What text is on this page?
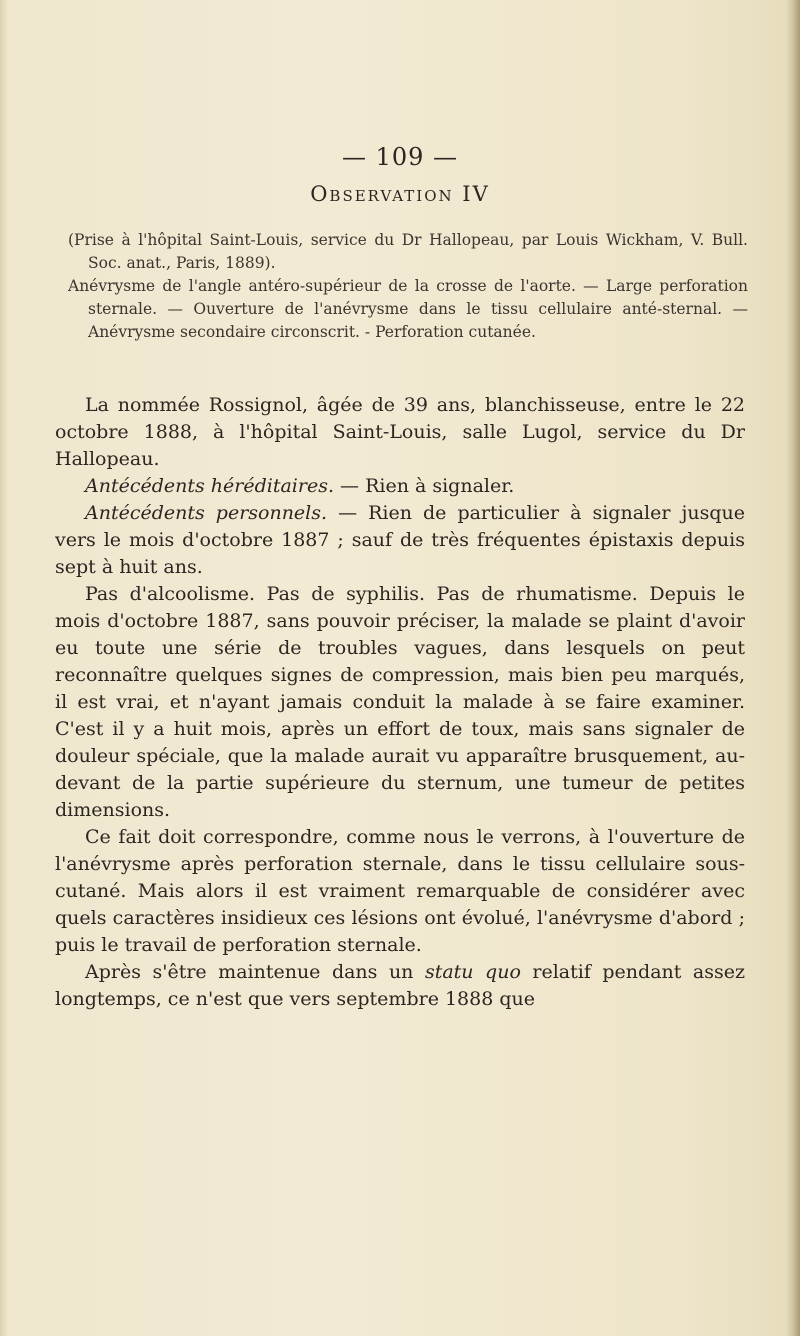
— 109 —
Observation IV

(Prise à l'hôpital Saint-Louis, service du Dr Hallopeau, par Louis Wickham, V. Bull. Soc. anat., Paris, 1889).

Anévrysme de l'angle antéro-supérieur de la crosse de l'aorte. — Large perforation sternale. — Ouverture de l'anévrysme dans le tissu cellulaire anté-sternal. — Anévrysme secondaire circonscrit. - Perforation cutanée.

La nommée Rossignol, âgée de 39 ans, blanchisseuse, entre le 22 octobre 1888, à l'hôpital Saint-Louis, salle Lugol, service du Dr Hallopeau.

Antécédents héréditaires. — Rien à signaler.

Antécédents personnels. — Rien de particulier à signaler jusque vers le mois d'octobre 1887 ; sauf de très fréquentes épistaxis depuis sept à huit ans.

Pas d'alcoolisme. Pas de syphilis. Pas de rhumatisme. Depuis le mois d'octobre 1887, sans pouvoir préciser, la malade se plaint d'avoir eu toute une série de troubles vagues, dans lesquels on peut reconnaître quelques signes de compression, mais bien peu marqués, il est vrai, et n'ayant jamais conduit la malade à se faire examiner. C'est il y a huit mois, après un effort de toux, mais sans signaler de douleur spéciale, que la malade aurait vu apparaître brusquement, au-devant de la partie supérieure du sternum, une tumeur de petites dimensions.

Ce fait doit correspondre, comme nous le verrons, à l'ouverture de l'anévrysme après perforation sternale, dans le tissu cellulaire sous-cutané. Mais alors il est vraiment remarquable de considérer avec quels caractères insidieux ces lésions ont évolué, l'anévrysme d'abord ; puis le travail de perforation sternale.

Après s'être maintenue dans un statu quo relatif pendant assez longtemps, ce n'est que vers septembre 1888 que
